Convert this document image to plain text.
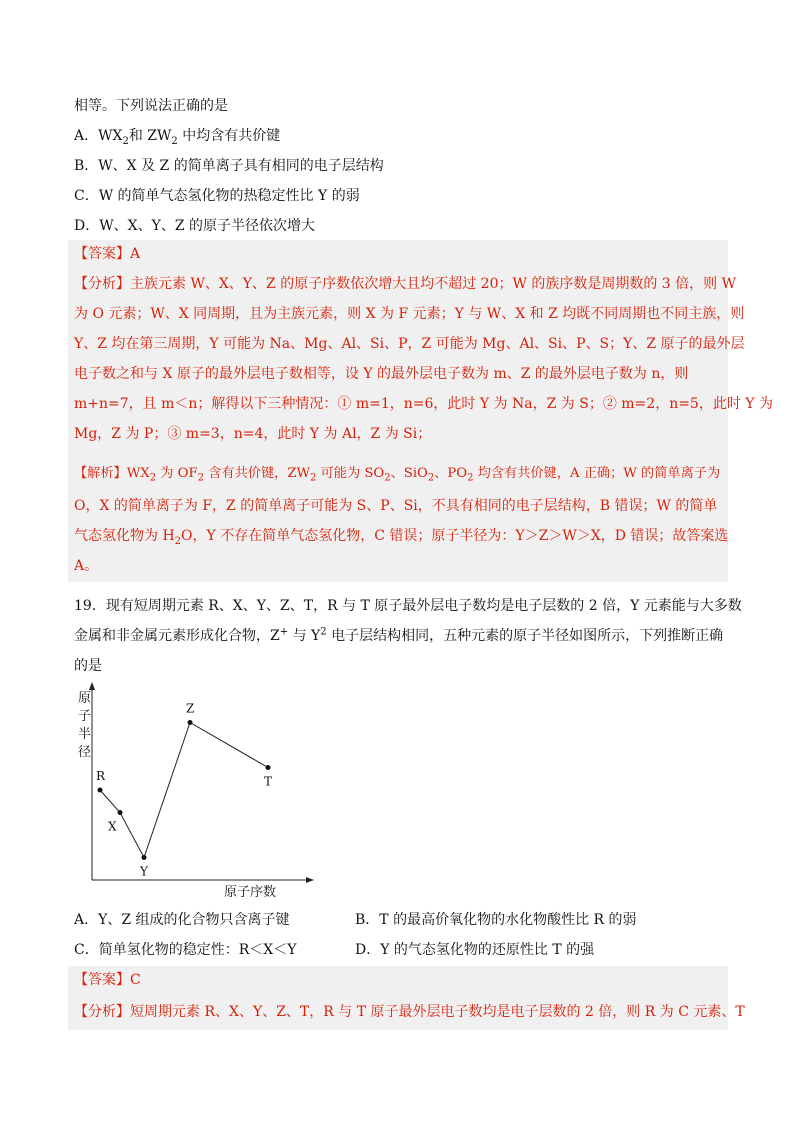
相等。下列说法正确的是
A．$WX_2$和 $ZW_2$ 中均含有共价键
B．W、X 及 Z 的简单离子具有相同的电子层结构
C．W 的简单气态氢化物的热稳定性比 Y 的弱
D．W、X、Y、Z 的原子半径依次增大
【答案】A
【分析】主族元素 W、X、Y、Z 的原子序数依次增大且均不超过 20；W 的族序数是周期数的 3 倍，则 W
为 O 元素；W、X 同周期，且为主族元素，则 X 为 F 元素；Y 与 W、X 和 Z 均既不同周期也不同主族，则
Y、Z 均在第三周期，Y 可能为 Na、Mg、Al、Si、P，Z 可能为 Mg、Al、Si、P、S；Y、Z 原子的最外层
电子数之和与 X 原子的最外层电子数相等，设 Y 的最外层电子数为 m、Z 的最外层电子数为 n，则
m+n=7，且 m＜n；解得以下三种情况：① m=1，n=6，此时 Y 为 Na，Z 为 S；② m=2，n=5，此时 Y 为
Mg，Z 为 P；③ m=3，n=4，此时 Y 为 Al，Z 为 Si；
【解析】$WX_2$ 为 $OF_2$ 含有共价键，$ZW_2$ 可能为 $SO_2$、SiO$_2$、$PO_2$ 均含有共价键，A 正确；W 的简单离子为
O，X 的简单离子为 F，Z 的简单离子可能为 S、P、Si，不具有相同的电子层结构，B 错误；W 的简单
气态氢化物为 $H_2O$，Y 不存在简单气态氢化物，C 错误；原子半径为：Y＞Z＞W＞X，D 错误；故答案选
A。
19．现有短周期元素 R、X、Y、Z、T，R 与 T 原子最外层电子数均是电子层数的 2 倍，Y 元素能与大多数
金属和非金属元素形成化合物，Z+ 与 $Y^2$ 电子层结构相同，五种元素的原子半径如图所示，下列推断正确
的是
原
子
半
径
原子序数
R
X
Y
Z
T
A．Y、Z 组成的化合物只含离子键	B．T 的最高价氧化物的水化物酸性比 R 的弱
C．简单氢化物的稳定性：R＜X＜Y	D．Y 的气态氢化物的还原性比 T 的强
【答案】C
【分析】短周期元素 R、X、Y、Z、T，R 与 T 原子最外层电子数均是电子层数的 2 倍，则 R 为 C 元素、T
